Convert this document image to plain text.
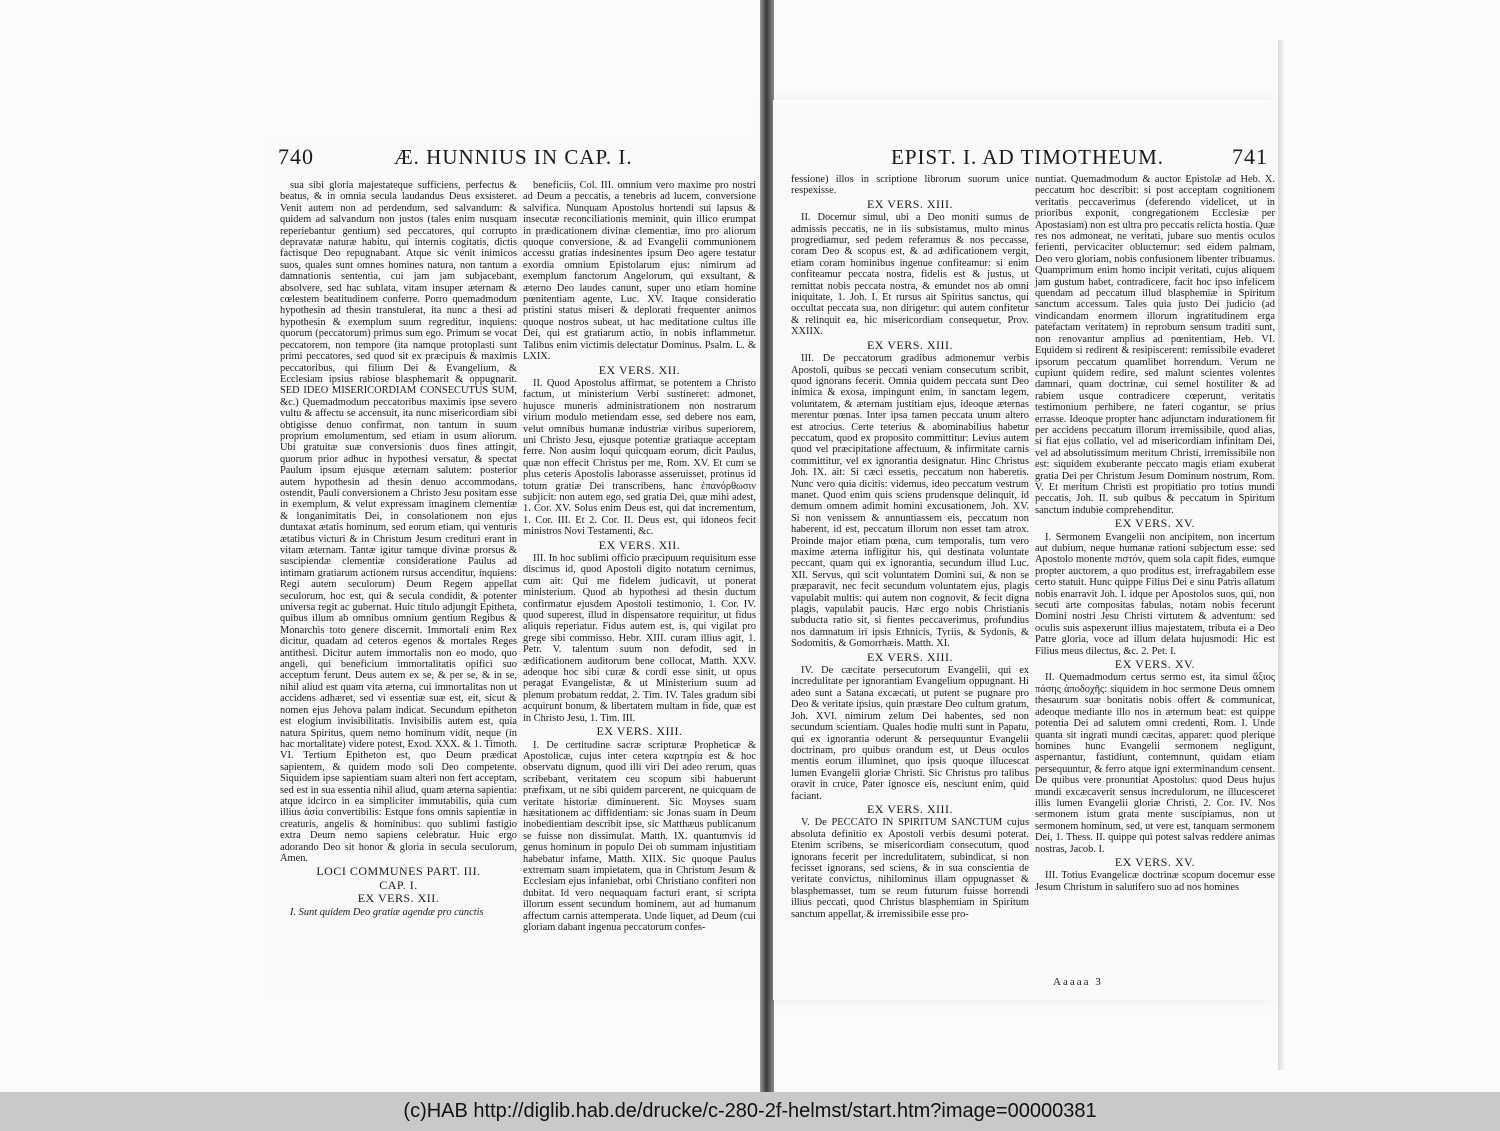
740	Æ. HUNNIUS IN CAP. I.

sua sibi gloria majestateque sufficiens, perfectus & beatus, & in omnia secula laudandus Deus exsisteret. Venit autem non ad perdendum, sed salvandum: & quidem ad salvandum non justos (tales enim nusquam reperiebantur gentium) sed peccatores, qui corrupto depravatæ naturæ habitu, qui internis cogitatis, dictis factisque Deo repugnabant. Atque sic venit inimicos suos, quales sunt omnes homines natura, non tantum a damnationis sententia, cui jam jam subjacebant, absolvere, sed hac sublata, vitam insuper æternam & cœlestem beatitudinem conferre. Porro quemadmodum hypothesin ad thesin transtulerat, ita nunc a thesi ad hypothesin & exemplum suum regreditur, inquiens: quorum (peccatorum) primus sum ego. Primum se vocat peccatorem, non tempore (ita namque protoplasti sunt primi peccatores, sed quod sit ex præcipuis & maximis peccatoribus, qui filium Dei & Evangelium, & Ecclesiam ipsius rabiose blasphemarit & oppugnarit. SED IDEO MISERICORDIAM CONSECUTUS SUM, &c.) Quemadmodum peccatoribus maximis ipse severo vultu & affectu se accensuit, ita nunc misericordiam sibi obtigisse denuo confirmat, non tantum in suum proprium emolumentum, sed etiam in usum aliorum. Ubi gratuitæ suæ conversionis duos fines attingit, quorum prior adhuc in hypothesi versatur, & spectat Paulum ipsum ejusque æternam salutem: posterior autem hypothesin ad thesin denuo accommodans, ostendit, Pauli conversionem a Christo Jesu positam esse in exemplum, & velut expressam imaginem clementiæ & longanimitatis Dei, in consolationem non ejus duntaxat ætatis hominum, sed eorum etiam, qui venturis ætatibus victuri & in Christum Jesum credituri erant in vitam æternam. Tantæ igitur tamque divinæ prorsus & suscipiendæ clementiæ consideratione Paulus ad intimam gratiarum actionem rursus accenditur, inquiens: Regi autem seculorum) Deum Regem appellat seculorum, hoc est, qui & secula condidit, & potenter universa regit ac gubernat. Huic titulo adjungit Epitheta, quibus illum ab omnibus omnium gentium Regibus & Monarchis toto genere discernit. Immortali enim Rex dicitur, quadam ad ceteros egenos & mortales Reges antithesi. Dicitur autem immortalis non eo modo, quo angeli, qui beneficium immortalitatis opifici suo acceptum ferunt. Deus autem ex se, & per se, & in se, nihil aliud est quam vita æterna, cui immortalitas non ut accidens adhæret, sed vi essentiæ suæ est, eit, sicut & nomen ejus Jehova palam indicat. Secundum epitheton est elogium invisibilitatis. Invisibilis autem est, quia natura Spiritus, quem nemo hominum vidit, neque (in hac mortalitate) videre potest, Exod. XXX. & 1. Timoth. VI. Tertium Epitheton est, quo Deum prædicat sapientem, & quidem modo soli Deo competente. Siquidem ipse sapientiam suam alteri non fert acceptam, sed est in sua essentia nihil aliud, quam æterna sapientia: atque idcirco in ea simpliciter immutabilis, quia cum illius ἀσία convertibilis: Estque fons omnis sapientiæ in creaturis, angelis & hominibus: quo sublimi fastigio extra Deum nemo sapiens celebratur. Huic ergo adorando Deo sit honor & gloria in secula seculorum, Amen.

LOCI COMMUNES PART. III.
CAP. I.
EX VERS. XII.

I. Sunt quidem Deo gratiæ agendæ pro cunctis

beneficiis, Col. III. omnium vero maxime pro nostri ad Deum a peccatis, a tenebris ad lucem, conversione salvifica. Nunquam Apostolus hortendi sui lapsus & insecutæ reconciliationis meminit, quin illico erumpat in prædicationem divinæ clementiæ, imo pro aliorum quoque conversione, & ad Evangelii communionem accessu gratias indesinentes ipsum Deo agere testatur exordia omnium Epistolarum ejus: nimirum ad exemplum fanctorum Angelorum, qui exsultant, & æterno Deo laudes canunt, super uno etiam homine pœnitentiam agente, Luc. XV. Itaque consideratio pristini status miseri & deplorati frequenter animos quoque nostros subeat, ut hac meditatione cultus ille Dei, qui est gratiarum actio, in nobis inflammetur. Talibus enim victimis delectatur Dominus. Psalm. L. & LXIX.

EX VERS. XII.

II. Quod Apostolus affirmat, se potentem a Christo factum, ut ministerium Verbi sustineret: admonet, hujusce muneris administrationem non nostrarum virium modulo metiendam esse, sed debere nos eam, velut omnibus humanæ industriæ viribus superiorem, uni Christo Jesu, ejusque potentiæ gratiaque acceptam ferre. Non ausim loqui quicquam eorum, dicit Paulus, quæ non effecit Christus per me, Rom. XV. Et cum se plus ceteris Apostolis laborasse asseruisset, protinus id totum gratiæ Dei transcribens, hanc ἐπανόρθωσιν subjicit: non autem ego, sed gratia Dei, quæ mihi adest, 1. Cor. XV. Solus enim Deus est, qui dat incrementum, 1. Cor. III. Et 2. Cor. II. Deus est, qui idoneos fecit ministros Novi Testamenti, &c.

EX VERS. XII.

III. In hoc sublimi officio præcipuum requisitum esse discimus id, quod Apostoli digito notatum cernimus, cum ait: Qui me fidelem judicavit, ut ponerat ministerium. Quod ab hypothesi ad thesin ductum confirmatur ejusdem Apostoli testimonio, 1. Cor. IV. quod superest, illud in dispensatore requiritur, ut fidus aliquis reperiatur. Fidus autem est, is, qui vigilat pro grege sibi commisso. Hebr. XIII. curam illius agit, 1. Petr. V. talentum suum non defodit, sed in ædificationem auditorum bene collocat, Matth. XXV. adeoque hoc sibi curæ & cordi esse sinit, ut opus peragat Evangelistæ, & ut Ministerium suum ad plenum probatum reddat, 2. Tim. IV. Tales gradum sibi acquirunt bonum, & libertatem multam in fide, quæ est in Christo Jesu, 1. Tim. III.

EX VERS. XIII.

I. De certitudine sacræ scripturæ Propheticæ & Apostolicæ, cujus inter cetera καρτηρία est & hoc observatu dignum, quod illi viri Dei adeo rerum, quas scribebant, veritatem ceu scopum sibi habuerunt præfixam, ut ne sibi quidem parcerent, ne quicquam de veritate historiæ diminuerent. Sic Moyses suam hæsitationem ac diffidentiam: sic Jonas suam in Deum inobedientiam describit ipse, sic Matthæus publicanum se fuisse non dissimulat. Matth. IX. quantumvis id genus hominum in populo Dei ob summam injustitiam habebatur infame, Matth. XIIX. Sic quoque Paulus extremam suam impietatem, qua in Christum Jesum & Ecclesiam ejus infaniebat, orbi Christiano confiteri non dubitat. Id vero nequaquam facturi erant, si scripta illorum essent secundum hominem, aut ad humanum affectum carnis attemperata. Unde liquet, ad Deum (cui gloriam dabant ingenua peccatorum confes-

EPIST. I. AD TIMOTHEUM.	741

fessione) illos in scriptione librorum suorum unice respexisse.

EX VERS. XIII.

II. Docemur simul, ubi a Deo moniti sumus de admissis peccatis, ne in iis subsistamus, multo minus progrediamur, sed pedem referamus & nos peccasse, coram Deo & scopus est, & ad ædificationem vergit, etiam coram hominibus ingenue confiteamur: si enim confiteamur peccata nostra, fidelis est & justus, ut remittat nobis peccata nostra, & emundet nos ab omni iniquitate, 1. Joh. I. Et rursus ait Spiritus sanctus, qui occultat peccata sua, non dirigetur: qui autem confitetur & relinquit ea, hic misericordiam consequetur, Prov. XXIIX.

EX VERS. XIII.

III. De peccatorum gradibus admonemur verbis Apostoli, quibus se peccati veniam consecutum scribit, quod ignorans fecerit. Omnia quidem peccata sunt Deo inimica & exosa, impingunt enim, in sanctam legem, voluntatem, & æternam justitiam ejus, ideoque æternas merentur pœnas. Inter ipsa tamen peccata unum altero est atrocius. Certe teterius & abominabilius habetur peccatum, quod ex proposito committitur: Levius autem quod vel præcipitatione affectuum, & infirmitate carnis committitur, vel ex ignorantia designatur. Hinc Christus Joh. IX. ait: Si cæci essetis, peccatum non haberetis. Nunc vero quia dicitis: videmus, ideo peccatum vestrum manet. Quod enim quis sciens prudensque delinquit, id demum omnem adimit homini excusationem, Joh. XV. Si non venissem & annuntiassem eis, peccatum non haberent, id est, peccatum illorum non esset tam atrox. Proinde major etiam pœna, cum temporalis, tum vero maxime æterna infligitur his, qui destinata voluntate peccant, quam qui ex ignorantia, secundum illud Luc. XII. Servus, qui scit voluntatem Domini sui, & non se præparavit, nec fecit secundum voluntatem ejus, plagis vapulabit multis: qui autem non cognovit, & fecit digna plagis, vapulabit paucis. Hæc ergo nobis Christianis subducta ratio sit, si fientes peccaverimus, profundius nos damnatum iri ipsis Ethnicis, Tyriis, & Sydonis, & Sodomitis, & Gomorrhæis. Matth. XI.

EX VERS. XIII.

IV. De cæcitate persecutorum Evangelii, qui ex incredulitate per ignorantiam Evangelium oppugnant. Hi adeo sunt a Satana excæcati, ut putent se pugnare pro Deo & veritate ipsius, quin præstare Deo cultum gratum, Joh. XVI. nimirum zelum Dei habentes, sed non secundum scientiam. Quales hodie multi sunt in Papatu, qui ex ignorantia oderunt & persequuntur Evangelii doctrinam, pro quibus orandum est, ut Deus oculos mentis eorum illuminet, quo ipsis quoque illucescat lumen Evangelii gloriæ Christi. Sic Christus pro talibus oravit in cruce, Pater ignosce eis, nesciunt enim, quid faciant.

EX VERS. XIII.

V. De PECCATO IN SPIRITUM SANCTUM cujus absoluta definitio ex Apostoli verbis desumi poterat. Etenim scribens, se misericordiam consecutum, quod ignorans fecerit per incredulitatem, subindicat, si non fecisset ignorans, sed sciens, & in sua conscientia de veritate convictus, nihilominus illam oppugnasset & blasphemasset, tum se reum futurum fuisse horrendi illius peccati, quod Christus blasphemiam in Spiritum sanctum appellat, & irremissibile esse pro-

nuntiat. Quemadmodum & auctor Epistolæ ad Heb. X. peccatum hoc describit: si post acceptam cognitionem veritatis peccaverimus (deferendo videlicet, ut in prioribus exponit, congregationem Ecclesiæ per Apostasiam) non est ultra pro peccatis relicta hostia. Quæ res nos admoneat, ne veritati, jubare suo mentis oculos ferienti, pervicaciter obluctemur: sed eidem palmam, Deo vero gloriam, nobis confusionem libenter tribuamus. Quamprimum enim homo incipit veritati, cujus aliquem jam gustum habet, contradicere, facit hoc ipso infelicem quendam ad peccatum illud blasphemiæ in Spiritum sanctum accessum. Tales quia justo Dei judicio (ad vindicandam enormem illorum ingratitudinem erga patefactam veritatem) in reprobum sensum traditi sunt, non renovantur amplius ad pœnitentiam, Heb. VI. Equidem si redirent & resipiscerent: remissibile evaderet ipsorum peccatum quamlibet horrendum. Verum ne cupiunt quidem redire, sed malunt scientes volentes damnari, quam doctrinæ, cui semel hostiliter & ad rabiem usque contradicere cœperunt, veritatis testimonium perhibere, ne fateri cogantur, se prius errasse. Ideoque propter hanc adjunctam indurationem fit per accidens peccatum illorum irremissibile, quod alias, si fiat ejus collatio, vel ad misericordiam infinitam Dei, vel ad absolutissimum meritum Christi, irremissibile non est: siquidem exuberante peccato magis etiam exuberat gratia Dei per Christum Jesum Dominum nostrum, Rom. V. Et meritum Christi est propitiatio pro totius mundi peccatis, Joh. II. sub quibus & peccatum in Spiritum sanctum indubie comprehenditur.

EX VERS. XV.

I. Sermonem Evangelii non ancipitem, non incertum aut dubium, neque humanæ rationi subjectum esse: sed Apostolo monente πιστόν, quem sola capit fides, eumque propter auctorem, a quo proditus est, irrefragabilem esse certo statuit. Hunc quippe Filius Dei e sinu Patris allatum nobis enarravit Joh. I. idque per Apostolos suos, qui, non secuti arte compositas fabulas, notam nobis fecerunt Domini nostri Jesu Christi virtutem & adventum: sed oculis suis aspexerunt illius majestatem, tributa ei a Deo Patre gloria, voce ad illum delata hujusmodi: Hic est Filius meus dilectus, &c. 2. Pet. I.

EX VERS. XV.

II. Quemadmodum certus sermo est, ita simul ἄξιος πάσης ἀποδοχῆς: siquidem in hoc sermone Deus omnem thesaurum suæ bonitatis nobis offert & communicat, adeoque mediante illo nos in æternum beat: est quippe potentia Dei ad salutem omni credenti, Rom. I. Unde quanta sit ingrati mundi cæcitas, apparet: quod plerique homines hunc Evangelii sermonem negligunt, aspernantur, fastidiunt, contemnunt, quidam etiam persequuntur, & ferro atque igni exterminandum censent. De quibus vere pronuntiat Apostolus: quod Deus hujus mundi excæcaverit sensus incredulorum, ne illucesceret illis lumen Evangelii gloriæ Christi, 2. Cor. IV. Nos sermonem istum grata mente suscipiamus, non ut sermonem hominum, sed, ut vere est, tanquam sermonem Dei, 1. Thess. II. quippe qui potest salvas reddere animas nostras, Jacob. I.

EX VERS. XV.

III. Totius Evangelicæ doctrinæ scopum docemur esse Jesum Christum in salutifero suo ad nos homines

Aaaaa 3
(c)HAB http://diglib.hab.de/drucke/c-280-2f-helmst/start.htm?image=00000381
